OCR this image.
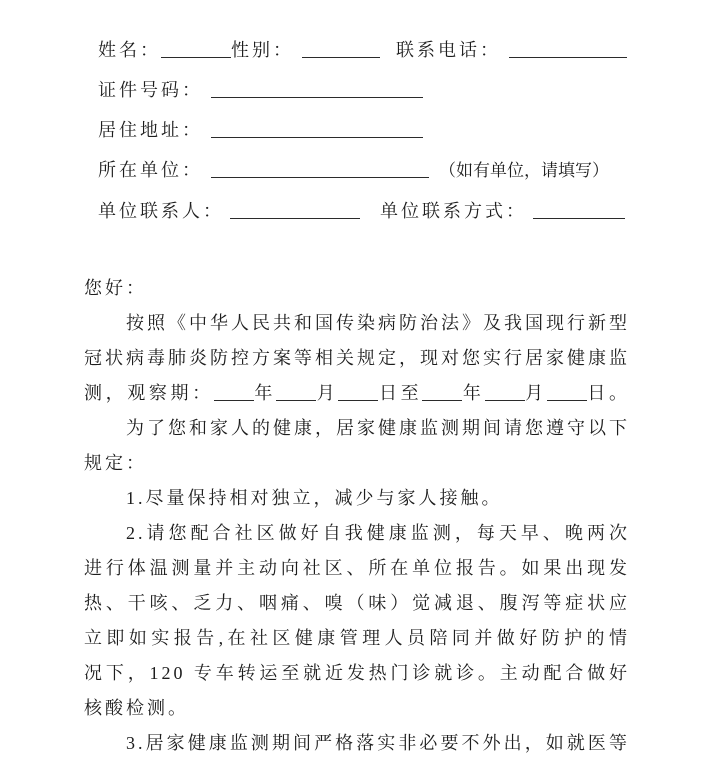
姓名：	性别：	联系电话：
证件号码：
居住地址：
所在单位：	（如有单位，请填写）
单位联系人：	单位联系方式：
您好：
按照《中华人民共和国传染病防治法》及我国现行新型
冠状病毒肺炎防控方案等相关规定，现对您实行居家健康监
测，观察期： 年 月 日至 年 月 日。
为了您和家人的健康，居家健康监测期间请您遵守以下
规定：
1.尽量保持相对独立，减少与家人接触。
2.请您配合社区做好自我健康监测，每天早、晚两次
进行体温测量并主动向社区、所在单位报告。如果出现发
热、干咳、乏力、咽痛、嗅（味）觉减退、腹泻等症状应
立即如实报告,在社区健康管理人员陪同并做好防护的情
况下，120 专车转运至就近发热门诊就诊。主动配合做好
核酸检测。
3.居家健康监测期间严格落实非必要不外出，如就医等
